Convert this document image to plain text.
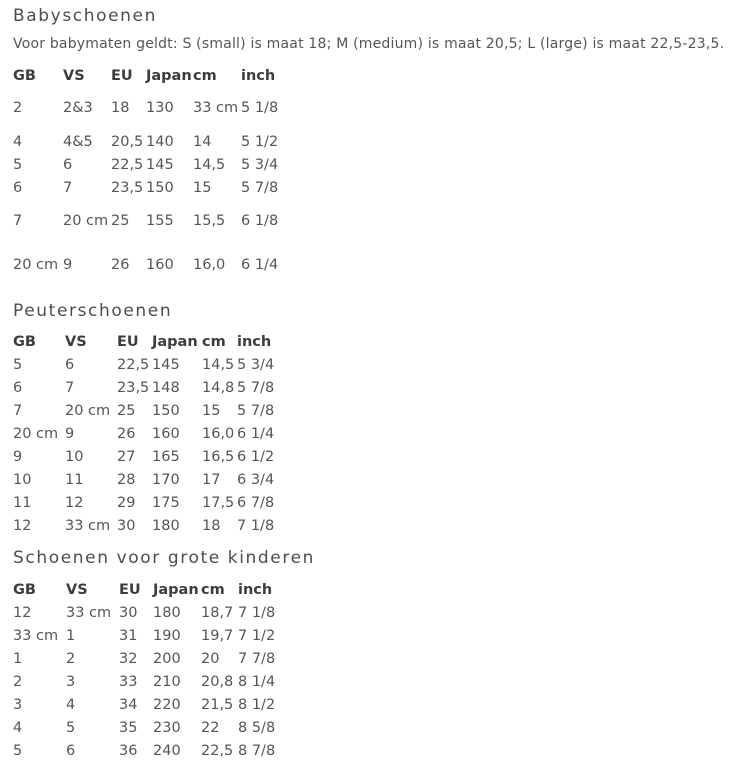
Babyschoenen
Voor babymaten geldt: S (small) is maat 18; M (medium) is maat 20,5; L (large) is maat 22,5-23,5.
GB	VS	EU	Japan	cm	inch
2	2&3	18	130	33 cm	5 1/8
4	4&5	20,5	140	14	5 1/2
5	6	22,5	145	14,5	5 3/4
6	7	23,5	150	15	5 7/8
7	20 cm	25	155	15,5	6 1/8
20 cm	9	26	160	16,0	6 1/4
Peuterschoenen
GB	VS	EU	Japan	cm	inch
5	6	22,5	145	14,5	5 3/4
6	7	23,5	148	14,8	5 7/8
7	20 cm	25	150	15	5 7/8
20 cm	9	26	160	16,0	6 1/4
9	10	27	165	16,5	6 1/2
10	11	28	170	17	6 3/4
11	12	29	175	17,5	6 7/8
12	33 cm	30	180	18	7 1/8
Schoenen voor grote kinderen
GB	VS	EU	Japan	cm	inch
12	33 cm	30	180	18,7	7 1/8
33 cm	1	31	190	19,7	7 1/2
1	2	32	200	20	7 7/8
2	3	33	210	20,8	8 1/4
3	4	34	220	21,5	8 1/2
4	5	35	230	22	8 5/8
5	6	36	240	22,5	8 7/8
